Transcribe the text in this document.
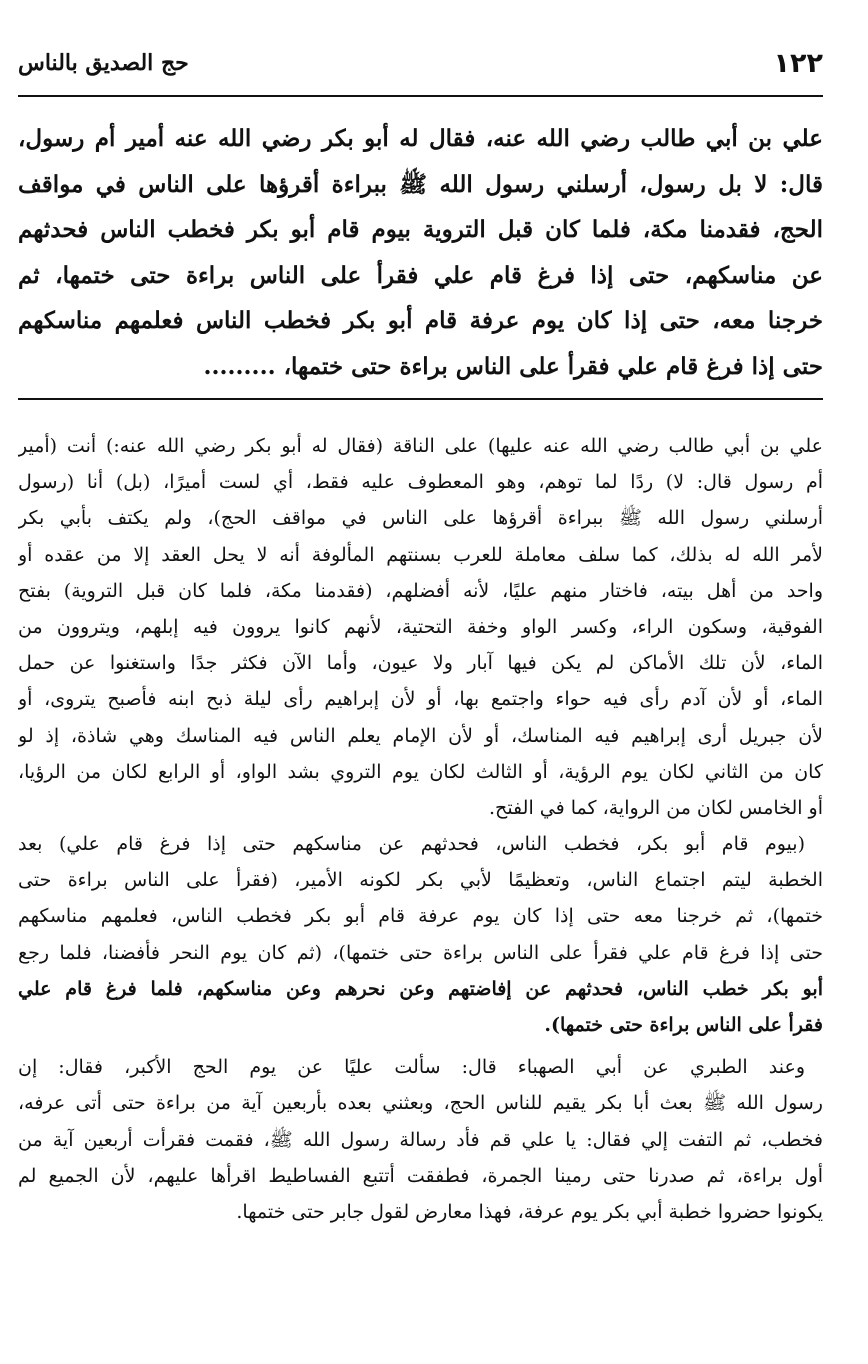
١٢٢
حج الصديق بالناس
علي بن أبي طالب رضي الله عنه، فقال له أبو بكر رضي الله عنه أمير أم رسول،
قال: لا بل رسول، أرسلني رسول الله ﷺ ببراءة أقرؤها على الناس في مواقف
الحج، فقدمنا مكة، فلما كان قبل التروية بيوم قام أبو بكر فخطب الناس فحدثهم
عن مناسكهم، حتى إذا فرغ قام علي فقرأ على الناس براءة حتى ختمها، ثم
خرجنا معه، حتى إذا كان يوم عرفة قام أبو بكر فخطب الناس فعلمهم مناسكهم
حتى إذا فرغ قام علي فقرأ على الناس براءة حتى ختمها، .........
علي بن أبي طالب رضي الله عنه عليها) على الناقة (فقال له أبو بكر رضي الله عنه:) أنت (أمير
أم رسول قال: لا) ردًا لما توهم، وهو المعطوف عليه فقط، أي لست أميرًا، (بل) أنا (رسول
أرسلني رسول الله ﷺ ببراءة أقرؤها على الناس في مواقف الحج)، ولم يكتف بأبي بكر
لأمر الله له بذلك، كما سلف معاملة للعرب بسنتهم المألوفة أنه لا يحل العقد إلا من عقده أو
واحد من أهل بيته، فاختار منهم عليًا، لأنه أفضلهم، (فقدمنا مكة، فلما كان قبل التروية) بفتح
الفوقية، وسكون الراء، وكسر الواو وخفة التحتية، لأنهم كانوا يروون فيه إبلهم، ويتروون من
الماء، لأن تلك الأماكن لم يكن فيها آبار ولا عيون، وأما الآن فكثر جدًا واستغنوا عن حمل
الماء، أو لأن آدم رأى فيه حواء واجتمع بها، أو لأن إبراهيم رأى ليلة ذبح ابنه فأصبح يتروى، أو
لأن جبريل أرى إبراهيم فيه المناسك، أو لأن الإمام يعلم الناس فيه المناسك وهي شاذة، إذ لو
كان من الثاني لكان يوم الرؤية، أو الثالث لكان يوم التروي بشد الواو، أو الرابع لكان من الرؤيا،
أو الخامس لكان من الرواية، كما في الفتح.
(بيوم قام أبو بكر، فخطب الناس، فحدثهم عن مناسكهم حتى إذا فرغ قام علي) بعد
الخطبة ليتم اجتماع الناس، وتعظيمًا لأبي بكر لكونه الأمير، (فقرأ على الناس براءة حتى
ختمها)، ثم خرجنا معه حتى إذا كان يوم عرفة قام أبو بكر فخطب الناس، فعلمهم مناسكهم
حتى إذا فرغ قام علي فقرأ على الناس براءة حتى ختمها)، (ثم كان يوم النحر فأفضنا، فلما رجع
أبو بكر خطب الناس، فحدثهم عن إفاضتهم وعن نحرهم وعن مناسكهم، فلما فرغ قام علي
فقرأ على الناس براءة حتى ختمها).
وعند الطبري عن أبي الصهباء قال: سألت عليًا عن يوم الحج الأكبر، فقال: إن
رسول الله ﷺ بعث أبا بكر يقيم للناس الحج، وبعثني بعده بأربعين آية من براءة حتى أتى عرفه،
فخطب، ثم التفت إلي فقال: يا علي قم فأد رسالة رسول الله ﷺ، فقمت فقرأت أربعين آية من
أول براءة، ثم صدرنا حتى رمينا الجمرة، فطفقت أتتبع الفساطيط اقرأها عليهم، لأن الجميع لم
يكونوا حضروا خطبة أبي بكر يوم عرفة، فهذا معارض لقول جابر حتى ختمها.
